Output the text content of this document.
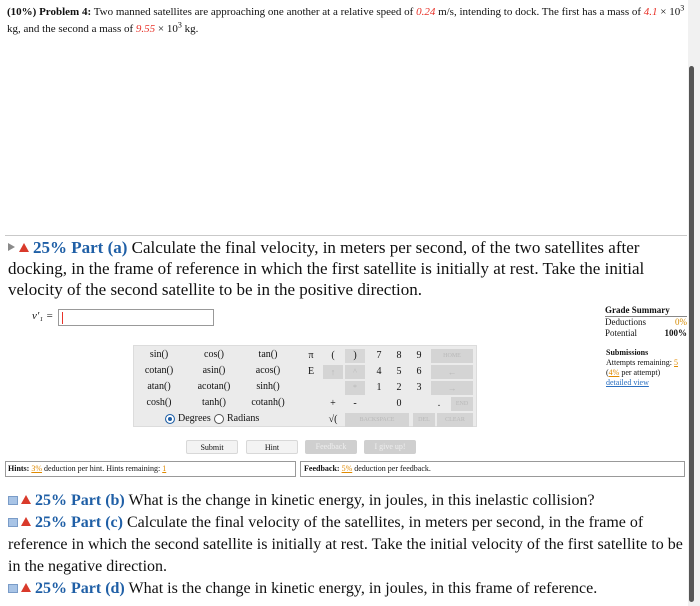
(10%) Problem 4: Two manned satellites are approaching one another at a relative speed of 0.24 m/s, intending to dock. The first has a mass of $4.1 \times 10^3$ kg, and the second a mass of $9.55 \times 10^3$ kg.
25% Part (a) Calculate the final velocity, in meters per second, of the two satellites after docking, in the frame of reference in which the first satellite is initially at rest. Take the initial velocity of the second satellite to be in the positive direction.
v′₁ =	Grade Summary
Deductions	0%
Potential	100%
Submissions
Attempts remaining: 5
(4% per attempt)
detailed view
sin()	cos()	tan()
cotan()	asin()	acos()
atan()	acotan()	sinh()
cosh()	tanh()	cotanh()
π
E
(	)
↑	^
*
+	-
√(
7	8	9
4	5	6
1	2	3
0	.
HOME
←
→
END
BACKSPACE	DEL	CLEAR
Degrees Radians
Submit	Hint	Feedback	I give up!
Hints: 3% deduction per hint. Hints remaining: 1	Feedback: 5% deduction per feedback.
25% Part (b) What is the change in kinetic energy, in joules, in this inelastic collision?
25% Part (c) Calculate the final velocity of the satellites, in meters per second, in the frame of reference in which the second satellite is initially at rest. Take the initial velocity of the first satellite to be in the negative direction.
25% Part (d) What is the change in kinetic energy, in joules, in this frame of reference.
